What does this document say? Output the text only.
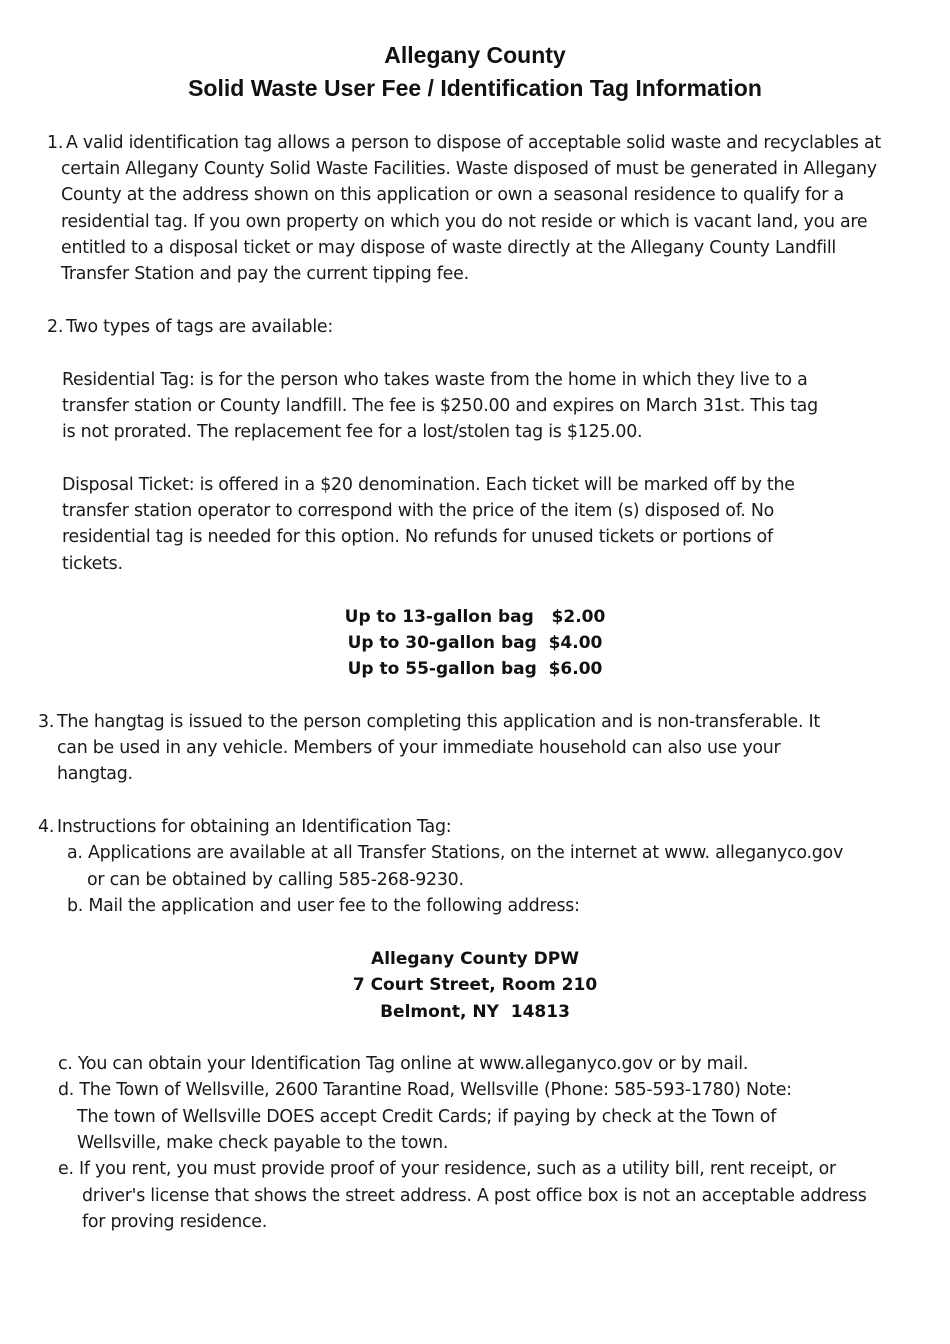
Allegany County
Solid Waste User Fee / Identification Tag Information
1. A valid identification tag allows a person to dispose of acceptable solid waste and recyclables at
certain Allegany County Solid Waste Facilities. Waste disposed of must be generated in Allegany
County at the address shown on this application or own a seasonal residence to qualify for a
residential tag. If you own property on which you do not reside or which is vacant land, you are
entitled to a disposal ticket or may dispose of waste directly at the Allegany County Landfill
Transfer Station and pay the current tipping fee.
2. Two types of tags are available:
Residential Tag: is for the person who takes waste from the home in which they live to a
transfer station or County landfill. The fee is $250.00 and expires on March 31st. This tag
is not prorated. The replacement fee for a lost/stolen tag is $125.00.
Disposal Ticket: is offered in a $20 denomination. Each ticket will be marked off by the
transfer station operator to correspond with the price of the item (s) disposed of. No
residential tag is needed for this option. No refunds for unused tickets or portions of
tickets.
Up to 13-gallon bag   $2.00
Up to 30-gallon bag  $4.00
Up to 55-gallon bag  $6.00
3. The hangtag is issued to the person completing this application and is non-transferable. It
can be used in any vehicle. Members of your immediate household can also use your
hangtag.
4. Instructions for obtaining an Identification Tag:
a. Applications are available at all Transfer Stations, on the internet at www. alleganyco.gov
or can be obtained by calling 585-268-9230.
b. Mail the application and user fee to the following address:
Allegany County DPW
7 Court Street, Room 210
Belmont, NY  14813
c. You can obtain your Identification Tag online at www.alleganyco.gov or by mail.
d. The Town of Wellsville, 2600 Tarantine Road, Wellsville (Phone: 585-593-1780) Note:
The town of Wellsville DOES accept Credit Cards; if paying by check at the Town of
Wellsville, make check payable to the town.
e. If you rent, you must provide proof of your residence, such as a utility bill, rent receipt, or
driver's license that shows the street address. A post office box is not an acceptable address
for proving residence.
